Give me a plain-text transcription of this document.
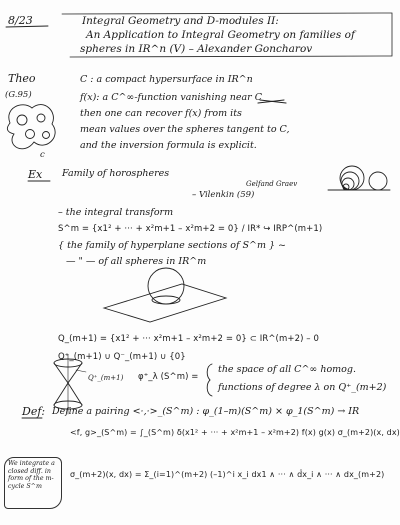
8/23	Integral Geometry and D-modules II:
An Application to Integral Geometry on families of
spheres in IR^n (V) – Alexander Goncharov
Theo
(G.95)
C : a compact hypersurface in IR^n
f(x): a C^∞-function vanishing near C
then one can recover f(x) from its
mean values over the spheres tangent to C,
and the inversion formula is explicit.
c
Ex Family of horospheres
Gelfand Graev
– Vilenkin (59)
– the integral transform
S^m = {x1² + ··· + x²m+1 – x²m+2 = 0} / IR* ↪ IRP^(m+1)
{ the family of hyperplane sections of S^m } ~
— " — of all spheres in IR^m
Q_(m+1) = {x1² + ··· x²m+1 – x²m+2 = 0} ⊂ IR^(m+2) – 0
Q⁺_(m+1) ∪ Q⁻_(m+1) ∪ {0}
Q⁺_(m+1) φ⁺_λ (S^m) =
the space of all C^∞ homog.
functions of degree λ on Q⁺_(m+2)
Def: Define a pairing <·,·>_(S^m) : φ_(1–m)(S^m) × φ_1(S^m) → IR
<f, g>_(S^m) = ∫_(S^m) δ(x1² + ··· + x²m+1 – x²m+2) f(x) g(x) σ_(m+2)(x, dx)
σ_(m+2)(x, dx) = Σ_(i=1)^(m+2) (–1)^i x_i dx1 ∧ ··· ∧ d̂x_i ∧ ··· ∧ dx_(m+2)
We integrate a closed diff. in form of the m-cycle S^m
